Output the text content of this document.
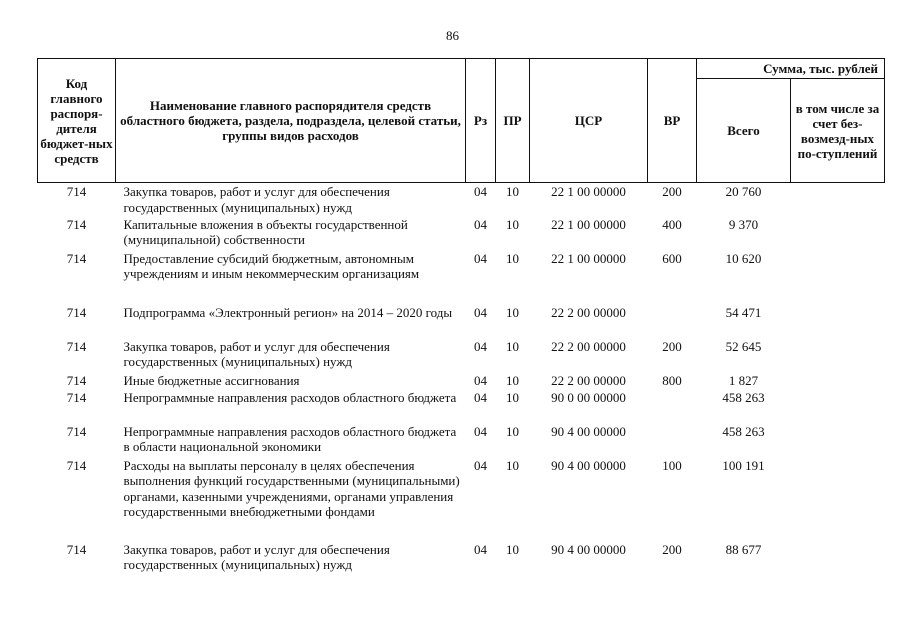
86
Код главного распоря-дителя бюджет-ных средств	Наименование главного распорядителя средств областного бюджета, раздела, подраздела, целевой статьи, группы видов расходов	Рз	ПР	ЦСР	ВР	Сумма, тыс. рублей	
						Всего	в том числе за счет без-возмезд-ных по-ступлений
714	Закупка товаров, работ и услуг для обеспечения государственных (муниципальных) нужд	04	10	22 1 00 00000	200	20 760	
714	Капитальные вложения в объекты государственной (муниципальной) собственности	04	10	22 1 00 00000	400	9 370	
714	Предоставление субсидий бюджетным, автономным учреждениям и иным некоммерческим организациям	04	10	22 1 00 00000	600	10 620	
714	Подпрограмма «Электронный регион» на 2014 – 2020 годы	04	10	22 2 00 00000		54 471	
714	Закупка товаров, работ и услуг для обеспечения государственных (муниципальных) нужд	04	10	22 2 00 00000	200	52 645	
714	Иные бюджетные ассигнования	04	10	22 2 00 00000	800	1 827	
714	Непрограммные направления расходов областного бюджета	04	10	90 0 00 00000		458 263	
714	Непрограммные направления расходов областного бюджета в области национальной экономики	04	10	90 4 00 00000		458 263	
714	Расходы на выплаты персоналу в целях обеспечения выполнения функций государственными (муниципальными) органами, казенными учреждениями, органами управления государственными внебюджетными фондами	04	10	90 4 00 00000	100	100 191	
714	Закупка товаров, работ и услуг для обеспечения государственных (муниципальных) нужд	04	10	90 4 00 00000	200	88 677	
